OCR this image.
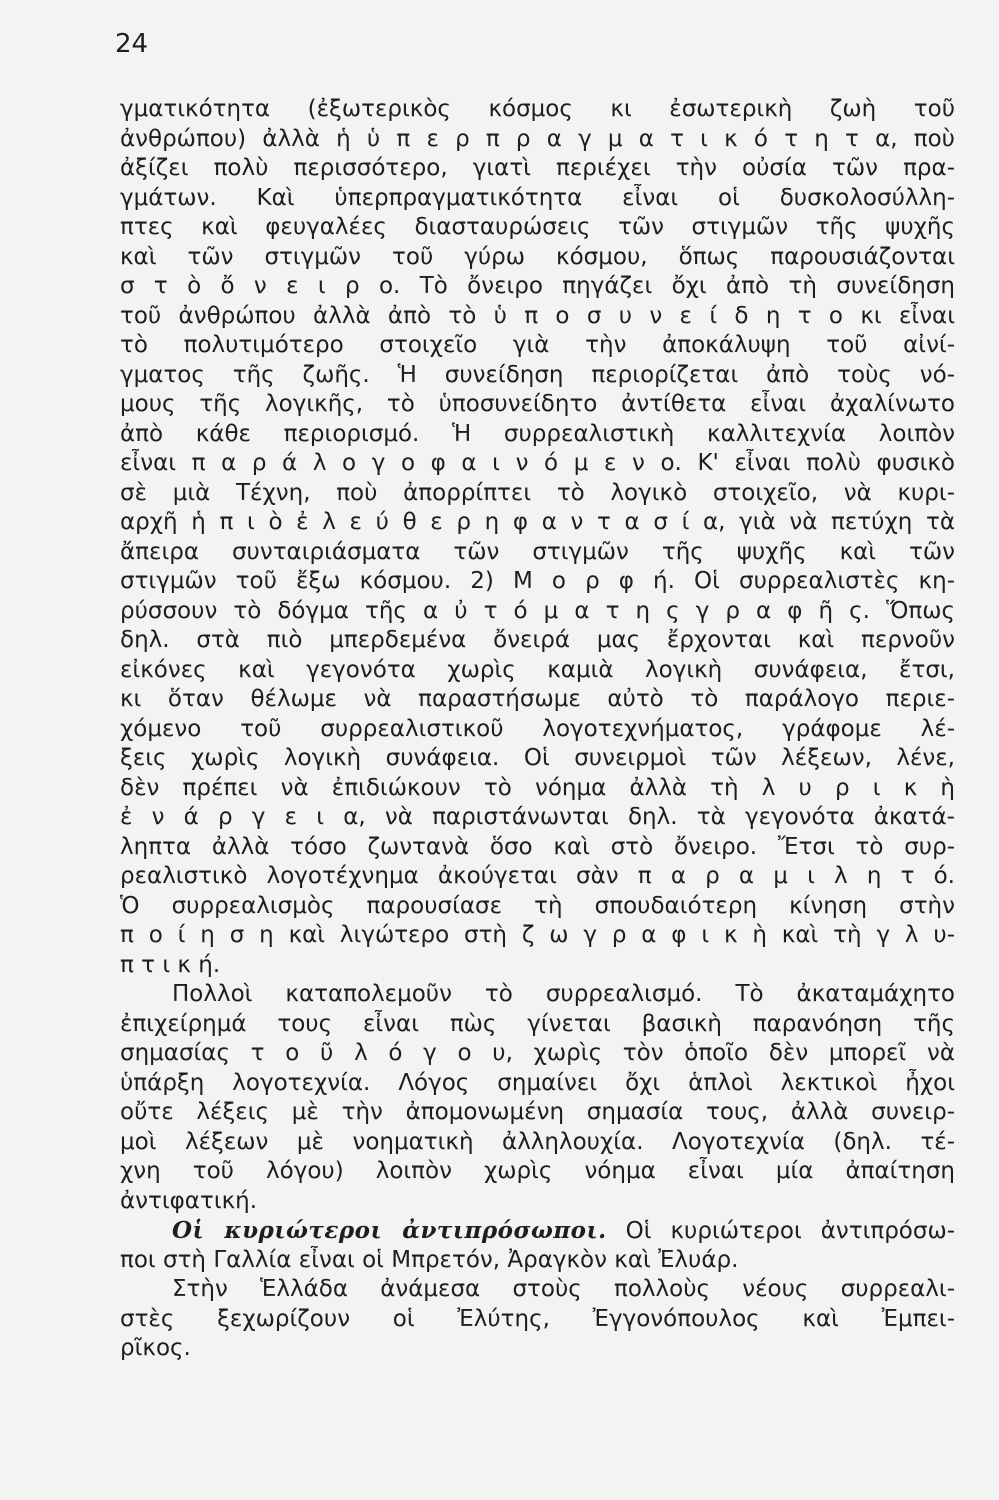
24
γματικότητα (ἐξωτερικὸς κόσμος κι ἐσωτερικὴ ζωὴ τοῦ
ἀνθρώπου) ἀλλὰ ἡ ὑ π ε ρ π ρ α γ μ α τ ι κ ό τ η τ α, ποὺ
ἀξίζει πολὺ περισσότερο, γιατὶ περιέχει τὴν οὐσία τῶν πρα-
γμάτων. Καὶ ὑπερπραγματικότητα εἶναι οἱ δυσκολοσύλλη-
πτες καὶ φευγαλέες διασταυρώσεις τῶν στιγμῶν τῆς ψυχῆς
καὶ τῶν στιγμῶν τοῦ γύρω κόσμου, ὅπως παρουσιάζονται
σ τ ὸ ὄ ν ε ι ρ ο. Τὸ ὄνειρο πηγάζει ὄχι ἀπὸ τὴ συνείδηση
τοῦ ἀνθρώπου ἀλλὰ ἀπὸ τὸ ὑ π ο σ υ ν ε ί δ η τ ο κι εἶναι
τὸ πολυτιμότερο στοιχεῖο γιὰ τὴν ἀποκάλυψη τοῦ αἰνί-
γματος τῆς ζωῆς. Ἡ συνείδηση περιορίζεται ἀπὸ τοὺς νό-
μους τῆς λογικῆς, τὸ ὑποσυνείδητο ἀντίθετα εἶναι ἀχαλίνωτο
ἀπὸ κάθε περιορισμό. Ἡ συρρεαλιστικὴ καλλιτεχνία λοιπὸν
εἶναι π α ρ ά λ ο γ ο φ α ι ν ό μ ε ν ο. Κ' εἶναι πολὺ φυσικὸ
σὲ μιὰ Τέχνη, ποὺ ἀπορρίπτει τὸ λογικὸ στοιχεῖο, νὰ κυρι-
αρχῆ ἡ π ι ὸ ἐ λ ε ύ θ ε ρ η φ α ν τ α σ ί α, γιὰ νὰ πετύχη τὰ
ἄπειρα συνταιριάσματα τῶν στιγμῶν τῆς ψυχῆς καὶ τῶν
στιγμῶν τοῦ ἔξω κόσμου. 2) Μ ο ρ φ ή. Οἱ συρρεαλιστὲς κη-
ρύσσουν τὸ δόγμα τῆς α ὐ τ ό μ α τ η ς γ ρ α φ ῆ ς. Ὅπως
δηλ. στὰ πιὸ μπερδεμένα ὄνειρά μας ἔρχονται καὶ περνοῦν
εἰκόνες καὶ γεγονότα χωρὶς καμιὰ λογικὴ συνάφεια, ἔτσι,
κι ὅταν θέλωμε νὰ παραστήσωμε αὐτὸ τὸ παράλογο περιε-
χόμενο τοῦ συρρεαλιστικοῦ λογοτεχνήματος, γράφομε λέ-
ξεις χωρὶς λογικὴ συνάφεια. Οἱ συνειρμοὶ τῶν λέξεων, λένε,
δὲν πρέπει νὰ ἐπιδιώκουν τὸ νόημα ἀλλὰ τὴ λ υ ρ ι κ ὴ
ἐ ν ά ρ γ ε ι α, νὰ παριστάνωνται δηλ. τὰ γεγονότα ἀκατά-
ληπτα ἀλλὰ τόσο ζωντανὰ ὅσο καὶ στὸ ὄνειρο. Ἔτσι τὸ συρ-
ρεαλιστικὸ λογοτέχνημα ἀκούγεται σὰν π α ρ α μ ι λ η τ ό.
Ὁ συρρεαλισμὸς παρουσίασε τὴ σπουδαιότερη κίνηση στὴν
π ο ί η σ η καὶ λιγώτερο στὴ ζ ω γ ρ α φ ι κ ὴ καὶ τὴ γ λ υ-
π τ ι κ ή.
Πολλοὶ καταπολεμοῦν τὸ συρρεαλισμό. Τὸ ἀκαταμάχητο
ἐπιχείρημά τους εἶναι πὼς γίνεται βασικὴ παρανόηση τῆς
σημασίας τ ο ῦ λ ό γ ο υ, χωρὶς τὸν ὁποῖο δὲν μπορεῖ νὰ
ὑπάρξη λογοτεχνία. Λόγος σημαίνει ὄχι ἁπλοὶ λεκτικοὶ ἦχοι
οὔτε λέξεις μὲ τὴν ἀπομονωμένη σημασία τους, ἀλλὰ συνειρ-
μοὶ λέξεων μὲ νοηματικὴ ἀλληλουχία. Λογοτεχνία (δηλ. τέ-
χνη τοῦ λόγου) λοιπὸν χωρὶς νόημα εἶναι μία ἀπαίτηση
ἀντιφατική.
Οἱ κυριώτεροι ἀντιπρόσωποι. Οἱ κυριώτεροι ἀντιπρόσω-
ποι στὴ Γαλλία εἶναι οἱ Μπρετόν, Ἀραγκὸν καὶ Ἐλυάρ.
Στὴν Ἑλλάδα ἀνάμεσα στοὺς πολλοὺς νέους συρρεαλι-
στὲς ξεχωρίζουν οἱ Ἐλύτης, Ἐγγονόπουλος καὶ Ἐμπει-
ρῖκος.
